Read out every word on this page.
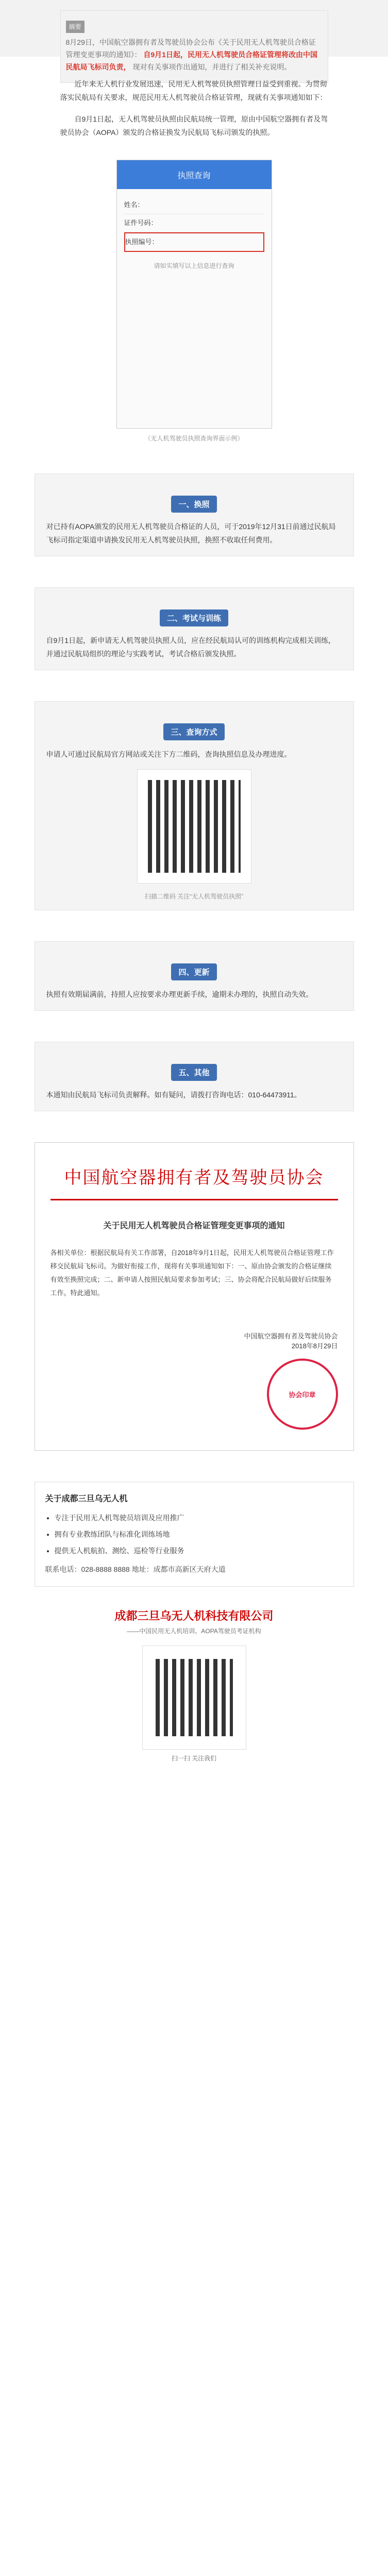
摘要
8月29日，中国航空器拥有者及驾驶员协会公布《关于民用无人机驾驶员合格证管理变更事项的通知》： 自9月1日起，民用无人机驾驶员合格证管理将改由中国民航局飞标司负责， 现对有关事项作出通知，并进行了相关补充说明。
近年来无人机行业发展迅速，民用无人机驾驶员执照管理日益受到重视。为贯彻落实民航局有关要求，规范民用无人机驾驶员合格证管理，现就有关事项通知如下：
自9月1日起，无人机驾驶员执照由民航局统一管理，原由中国航空器拥有者及驾驶员协会（AOPA）颁发的合格证换发为民航局飞标司颁发的执照。
执照查询
姓名：
证件号码：
执照编号：
请如实填写以上信息进行查询
（无人机驾驶员执照查询界面示例）
一、换照
对已持有AOPA颁发的民用无人机驾驶员合格证的人员，可于2019年12月31日前通过民航局飞标司指定渠道申请换发民用无人机驾驶员执照，换照不收取任何费用。
二、考试与训练
自9月1日起，新申请无人机驾驶员执照人员，应在经民航局认可的训练机构完成相关训练，并通过民航局组织的理论与实践考试，考试合格后颁发执照。
三、查询方式
申请人可通过民航局官方网站或关注下方二维码，查询执照信息及办理进度。
扫描二维码 关注“无人机驾驶员执照”
四、更新
执照有效期届满前，持照人应按要求办理更新手续，逾期未办理的，执照自动失效。
五、其他
本通知由民航局飞标司负责解释。如有疑问，请拨打咨询电话：010-64473911。
中国航空器拥有者及驾驶员协会
关于民用无人机驾驶员合格证管理变更事项的通知
各相关单位：根据民航局有关工作部署，自2018年9月1日起，民用无人机驾驶员合格证管理工作移交民航局飞标司。为做好衔接工作，现将有关事项通知如下：一、原由协会颁发的合格证继续有效至换照完成；二、新申请人按照民航局要求参加考试；三、协会将配合民航局做好后续服务工作。特此通知。
中国航空器拥有者及驾驶员协会
2018年8月29日
协会印章
关于成都三旦乌无人机
• 专注于民用无人机驾驶员培训及应用推广
• 拥有专业教练团队与标准化训练场地
• 提供无人机航拍、测绘、巡检等行业服务
联系电话：028-8888 8888 地址：成都市高新区天府大道
成都三旦乌无人机科技有限公司
——中国民用无人机培训、AOPA驾驶员考证机构
扫一扫 关注我们
